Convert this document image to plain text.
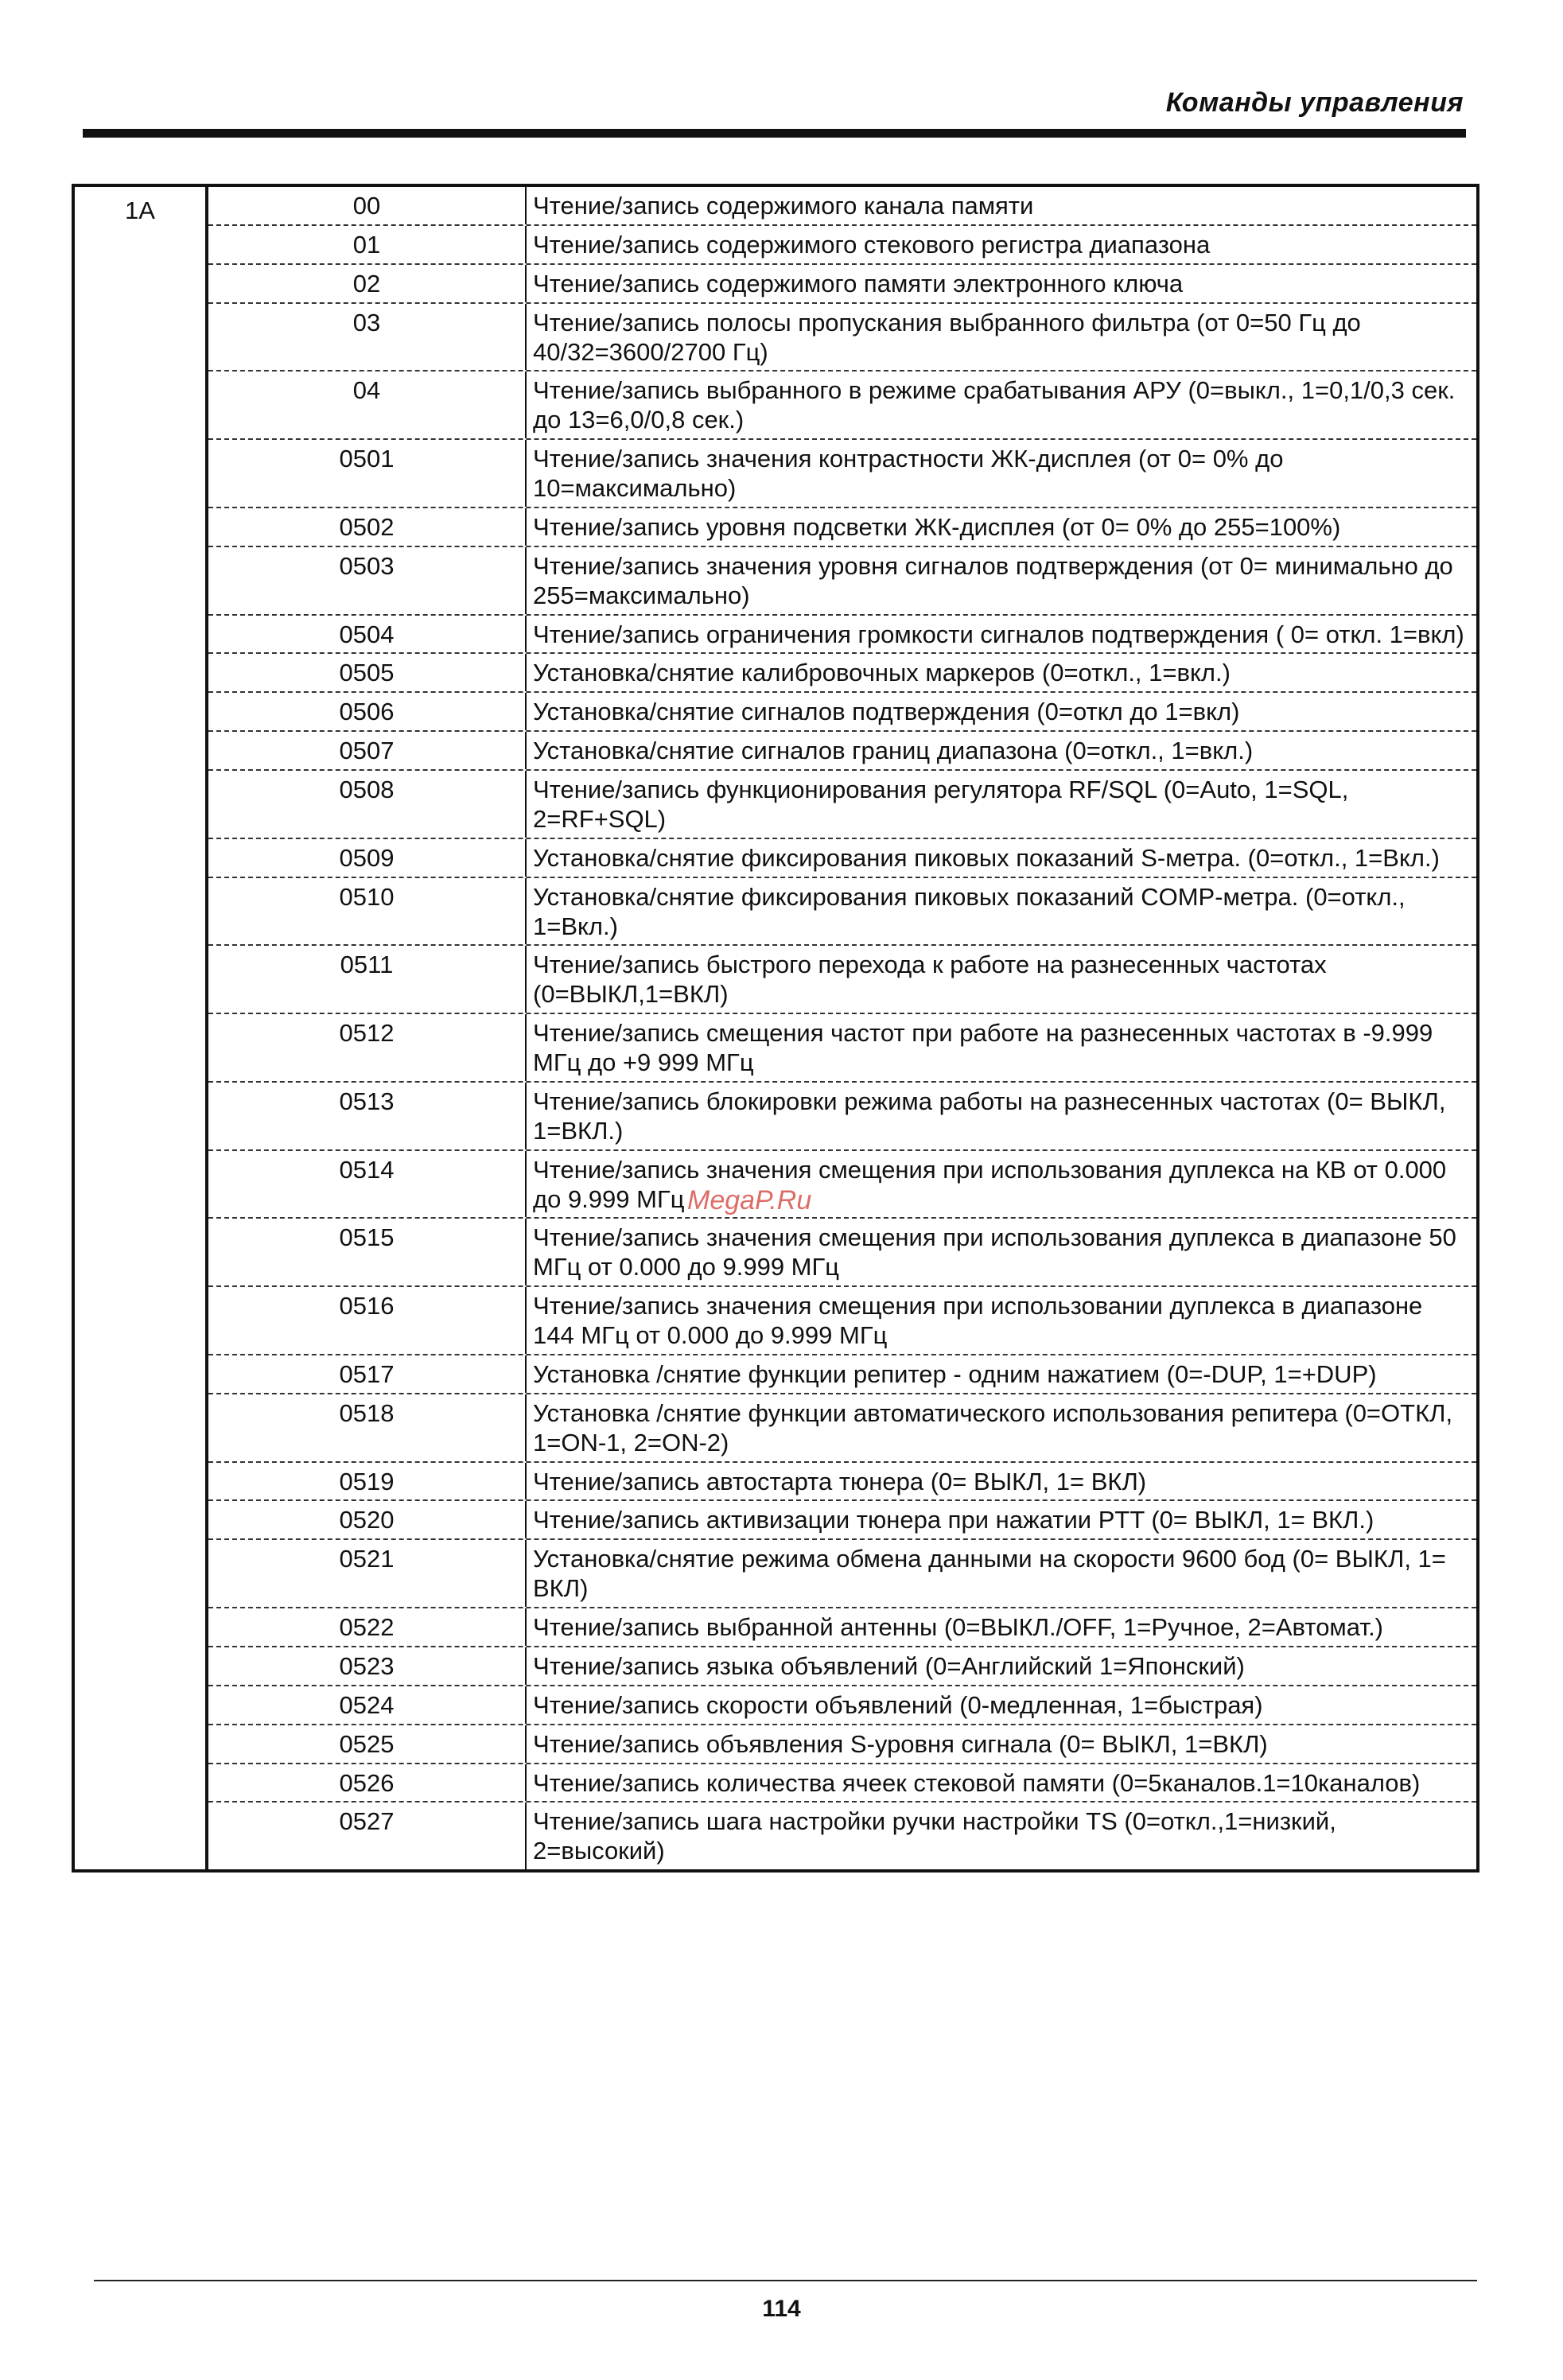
Команды управления
1A	00	Чтение/запись содержимого канала памяти
01	Чтение/запись содержимого стекового регистра диапазона
02	Чтение/запись содержимого памяти электронного ключа
03	Чтение/запись полосы пропускания выбранного фильтра (от 0=50 Гц до 40/32=3600/2700 Гц)
04	Чтение/запись выбранного в режиме срабатывания АРУ (0=выкл., 1=0,1/0,3 сек. до 13=6,0/0,8 сек.)
0501	Чтение/запись значения контрастности ЖК-дисплея (от 0= 0% до 10=максимально)
0502	Чтение/запись уровня подсветки ЖК-дисплея (от 0= 0% до 255=100%)
0503	Чтение/запись значения уровня сигналов подтверждения (от 0= минимально до 255=максимально)
0504	Чтение/запись ограничения громкости сигналов подтверждения ( 0= откл. 1=вкл)
0505	Установка/снятие калибровочных маркеров (0=откл., 1=вкл.)
0506	Установка/снятие сигналов подтверждения (0=откл до 1=вкл)
0507	Установка/снятие сигналов границ диапазона (0=откл., 1=вкл.)
0508	Чтение/запись функционирования регулятора RF/SQL (0=Auto, 1=SQL, 2=RF+SQL)
0509	Установка/снятие фиксирования пиковых показаний S-метра. (0=откл., 1=Вкл.)
0510	Установка/снятие фиксирования пиковых показаний COMP-метра. (0=откл., 1=Вкл.)
0511	Чтение/запись быстрого перехода к работе на разнесенных частотах (0=ВЫКЛ,1=ВКЛ)
0512	Чтение/запись смещения частот при работе на разнесенных частотах в -9.999 МГц до +9 999 МГц
0513	Чтение/запись блокировки режима работы на разнесенных частотах (0= ВЫКЛ, 1=ВКЛ.)
0514	Чтение/запись значения смещения при использования дуплекса на КВ от 0.000 до 9.999 МГц
0515	Чтение/запись значения смещения при использования дуплекса в диапазоне 50 МГц от 0.000 до 9.999 МГц
0516	Чтение/запись значения смещения при использовании дуплекса в диапазоне 144 МГц от 0.000 до 9.999 МГц
0517	Установка /снятие функции репитер - одним нажатием (0=-DUP, 1=+DUP)
0518	Установка /снятие функции автоматического использования репитера (0=ОТКЛ, 1=ON-1, 2=ON-2)
0519	Чтение/запись автостарта тюнера (0= ВЫКЛ, 1= ВКЛ)
0520	Чтение/запись активизации тюнера при нажатии PTT (0= ВЫКЛ, 1= ВКЛ.)
0521	Установка/снятие режима обмена данными на скорости 9600 бод (0= ВЫКЛ, 1= ВКЛ)
0522	Чтение/запись выбранной антенны (0=ВЫКЛ./OFF, 1=Ручное, 2=Автомат.)
0523	Чтение/запись языка объявлений (0=Английский 1=Японский)
0524	Чтение/запись скорости объявлений (0-медленная, 1=быстрая)
0525	Чтение/запись объявления S-уровня сигнала (0= ВЫКЛ, 1=ВКЛ)
0526	Чтение/запись количества ячеек стековой памяти (0=5каналов.1=10каналов)
0527	Чтение/запись шага настройки ручки настройки TS (0=откл.,1=низкий, 2=высокий)
MegaP.Ru
114
